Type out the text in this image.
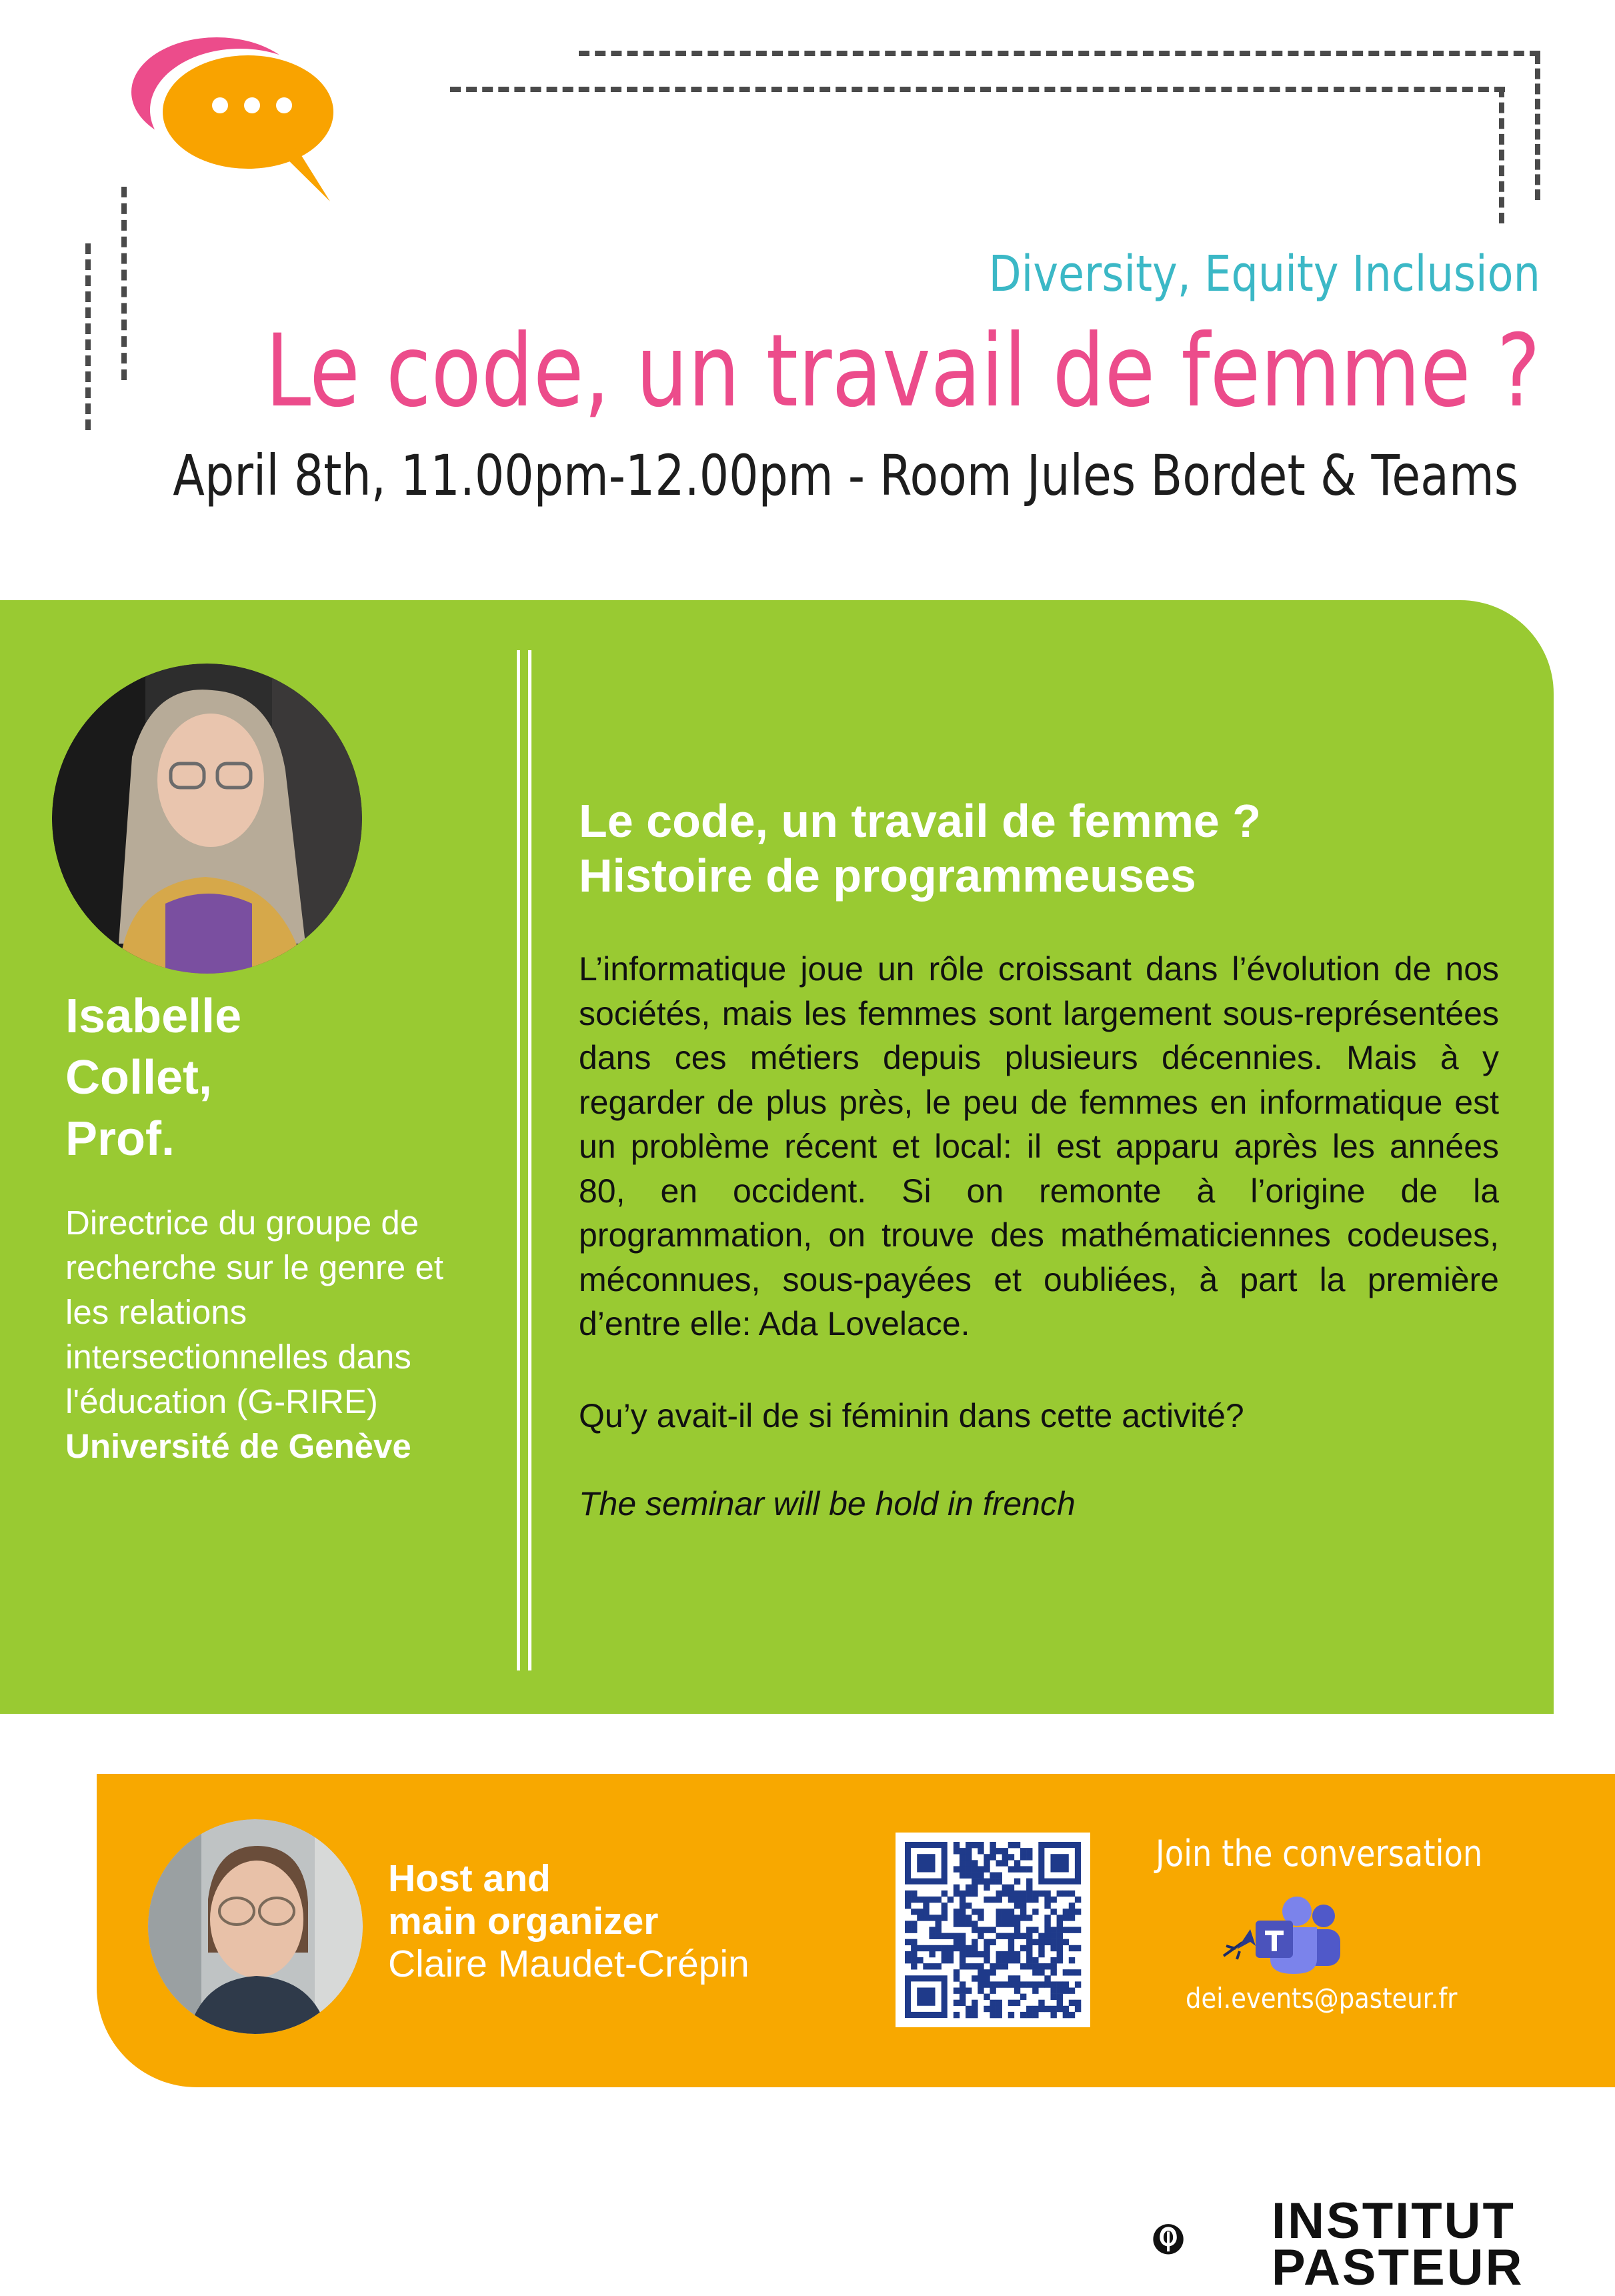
Diversity, Equity Inclusion
Le code, un travail de femme ?
April 8th, 11.00pm-12.00pm - Room Jules Bordet & Teams
Isabelle
Collet,
Prof.
Directrice du groupe de recherche sur le genre et les relations intersectionnelles dans l'éducation (G-RIRE)
Université de Genève
Le code, un travail de femme ?
Histoire de programmeuses
L’informatique joue un rôle croissant dans l’évolution de nos sociétés, mais les femmes sont largement sous-représentées dans ces métiers depuis plusieurs décennies. Mais à y regarder de plus près, le peu de femmes en informatique est un problème récent et local: il est apparu après les années 80, en occident. Si on remonte à l’origine de la programmation, on trouve des mathématiciennes codeuses, méconnues, sous-payées et oubliées, à part la première d’entre elle: Ada Lovelace.
Qu’y avait-il de si féminin dans cette activité?
The seminar will be hold in french
Host and
main organizer
Claire Maudet-Crépin
Join the conversation
dei.events@pasteur.fr
INSTITUT
PASTEUR
